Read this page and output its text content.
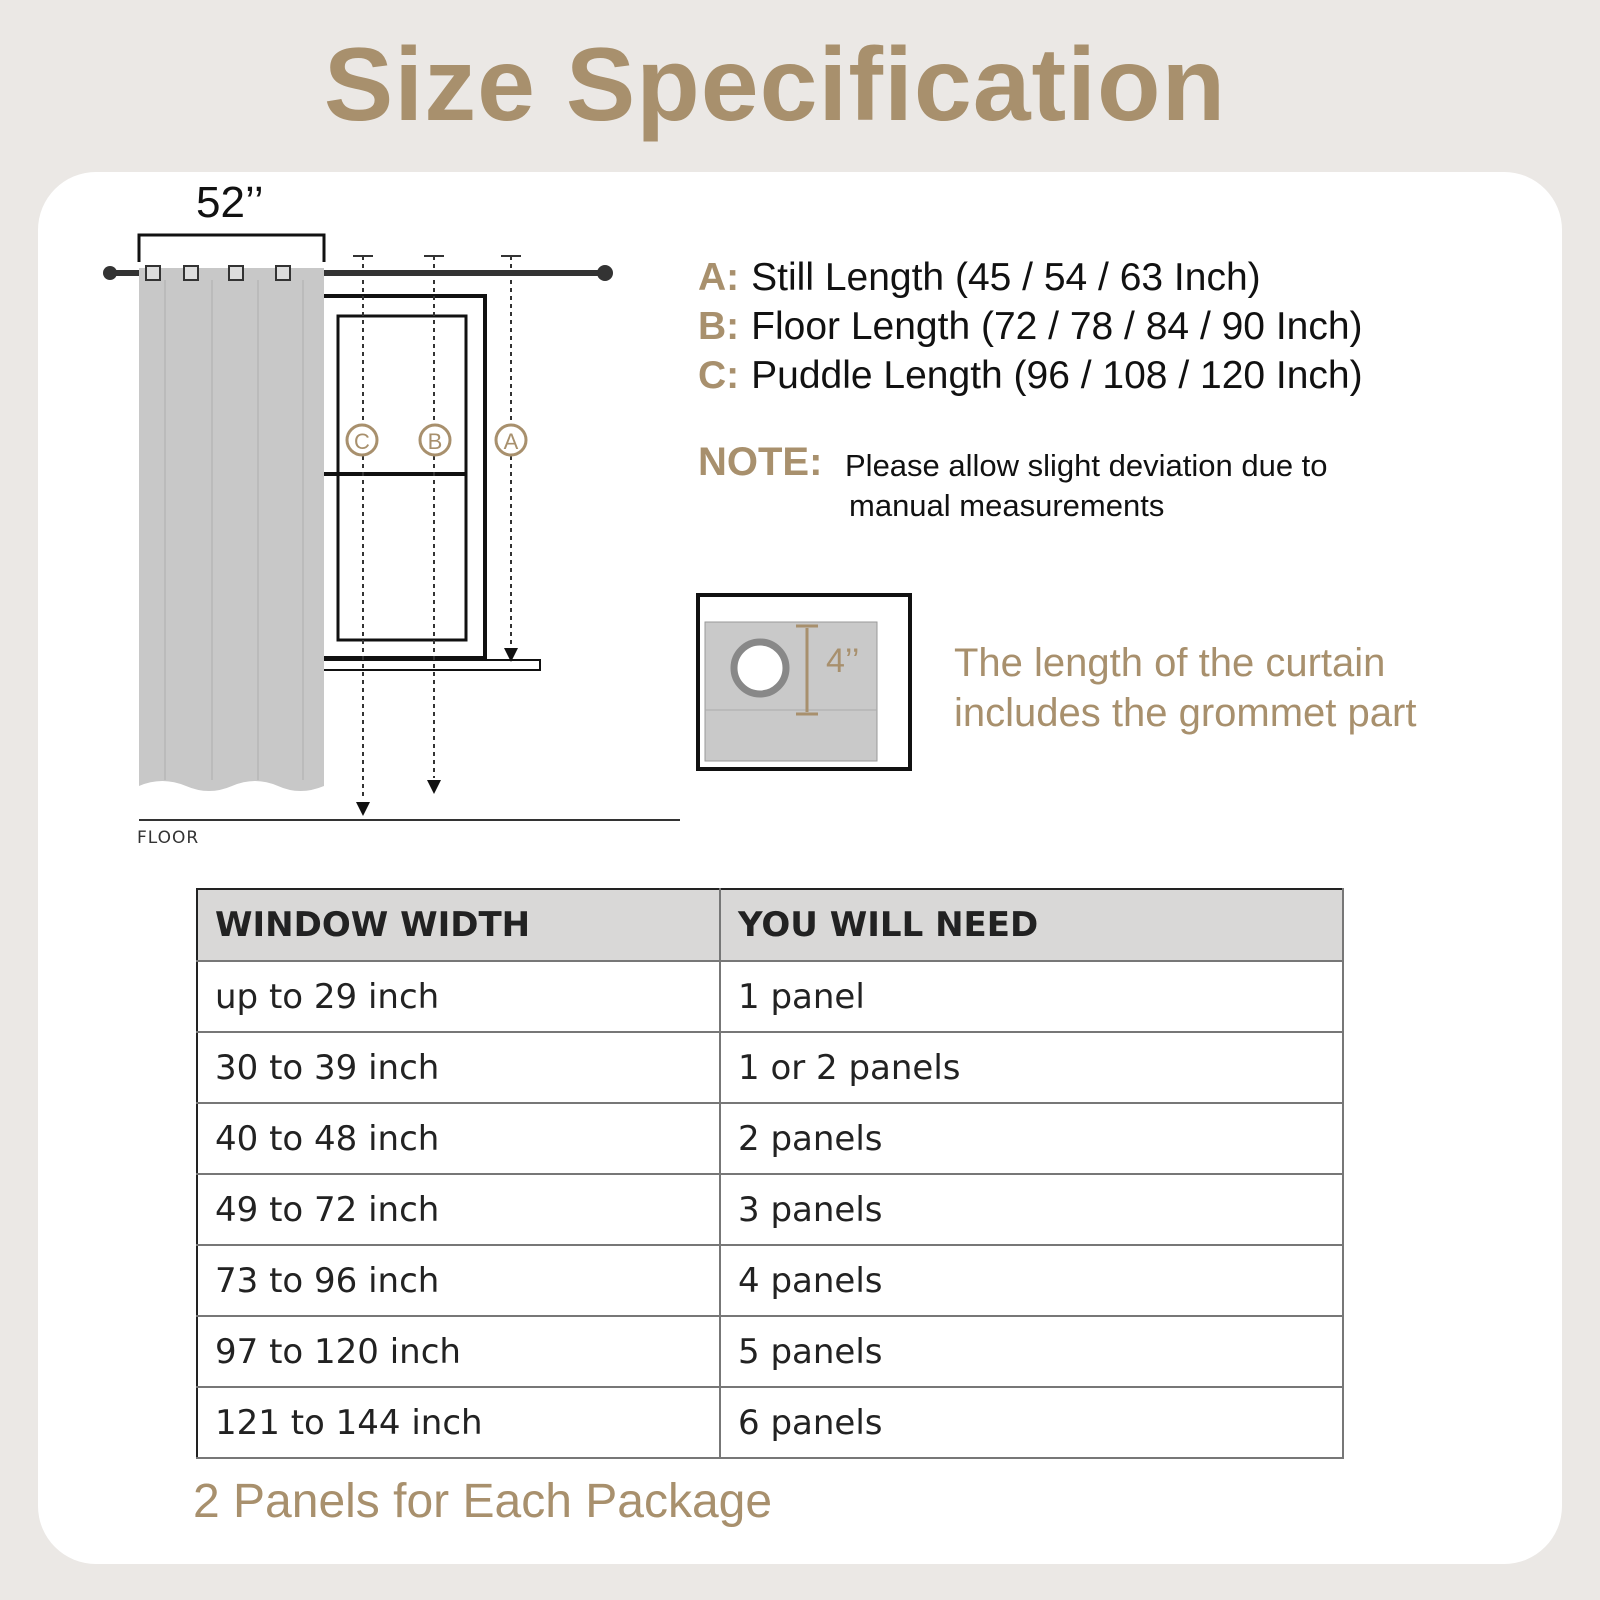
Size Specification
C	B	A
52’’
FLOOR
4’’
A: Still Length (45 / 54 / 63 Inch)
B: Floor Length (72 / 78 / 84 / 90 Inch)
C: Puddle Length (96 / 108 / 120 Inch)
NOTE: Please allow slight deviation due to
manual measurements
The length of the curtain
includes the grommet part
WINDOW WIDTH	YOU WILL NEED
up to 29 inch	1 panel
30 to 39 inch	1 or 2 panels
40 to 48 inch	2 panels
49 to 72 inch	3 panels
73 to 96 inch	4 panels
97 to 120 inch	5 panels
121 to 144 inch	6 panels
2 Panels for Each Package
